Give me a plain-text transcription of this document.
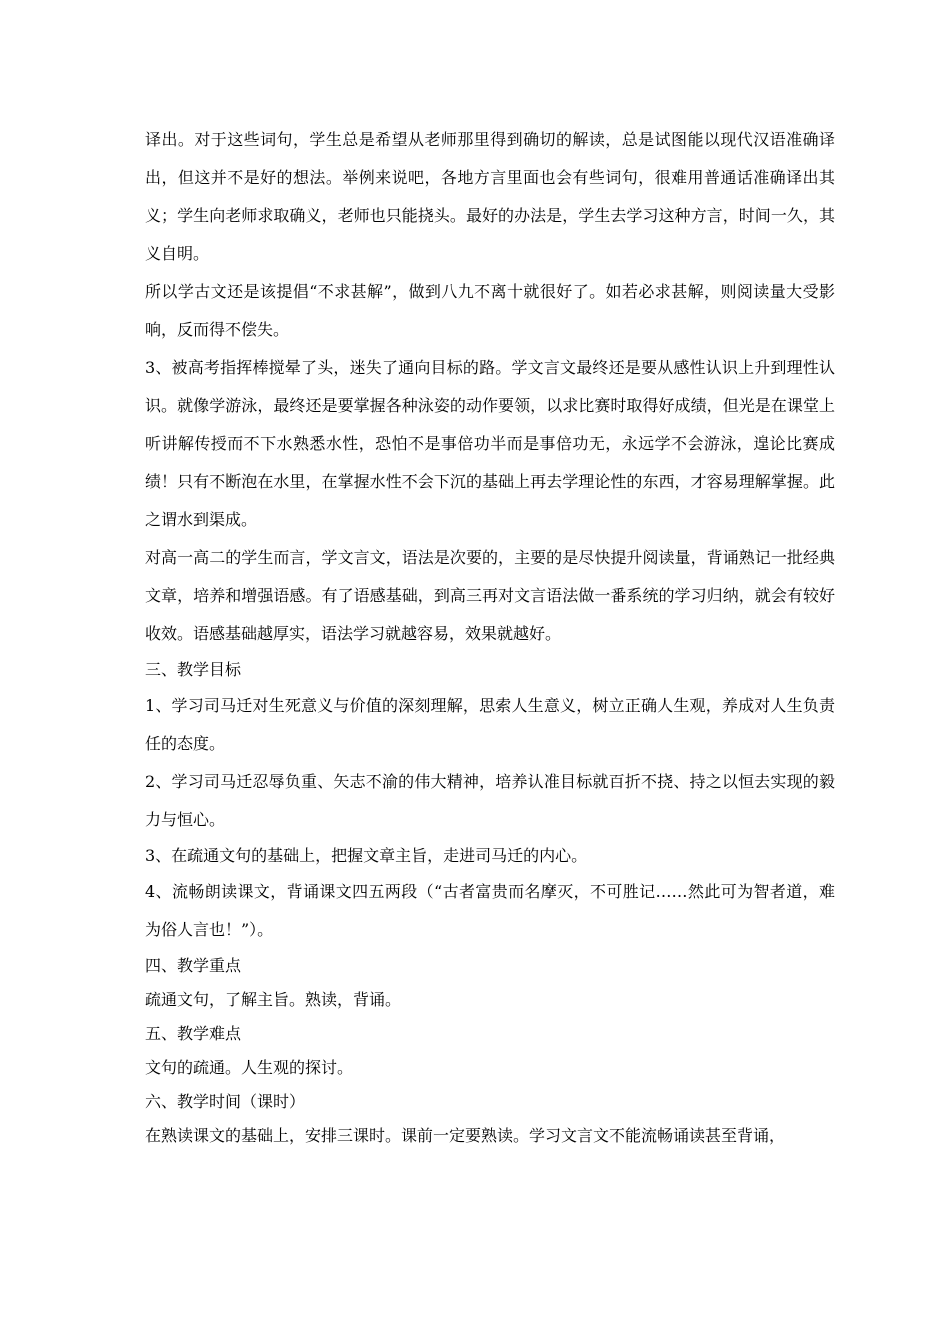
译出。对于这些词句，学生总是希望从老师那里得到确切的解读，总是试图能以现代汉语准确译出，但这并不是好的想法。举例来说吧，各地方言里面也会有些词句，很难用普通话准确译出其义；学生向老师求取确义，老师也只能挠头。最好的办法是，学生去学习这种方言，时间一久，其义自明。

所以学古文还是该提倡“不求甚解”，做到八九不离十就很好了。如若必求甚解，则阅读量大受影响，反而得不偿失。

3、被高考指挥棒搅晕了头，迷失了通向目标的路。学文言文最终还是要从感性认识上升到理性认识。就像学游泳，最终还是要掌握各种泳姿的动作要领，以求比赛时取得好成绩，但光是在课堂上听讲解传授而不下水熟悉水性，恐怕不是事倍功半而是事倍功无，永远学不会游泳，遑论比赛成绩！只有不断泡在水里，在掌握水性不会下沉的基础上再去学理论性的东西，才容易理解掌握。此之谓水到渠成。

对高一高二的学生而言，学文言文，语法是次要的，主要的是尽快提升阅读量，背诵熟记一批经典文章，培养和增强语感。有了语感基础，到高三再对文言语法做一番系统的学习归纳，就会有较好收效。语感基础越厚实，语法学习就越容易，效果就越好。

三、教学目标

1、学习司马迁对生死意义与价值的深刻理解，思索人生意义，树立正确人生观，养成对人生负责任的态度。

2、学习司马迁忍辱负重、矢志不渝的伟大精神，培养认准目标就百折不挠、持之以恒去实现的毅力与恒心。

3、在疏通文句的基础上，把握文章主旨，走进司马迁的内心。

4、流畅朗读课文，背诵课文四五两段（“古者富贵而名摩灭，不可胜记……然此可为智者道，难为俗人言也！”）。

四、教学重点

疏通文句，了解主旨。熟读，背诵。

五、教学难点

文句的疏通。人生观的探讨。

六、教学时间（课时）

在熟读课文的基础上，安排三课时。课前一定要熟读。学习文言文不能流畅诵读甚至背诵，
